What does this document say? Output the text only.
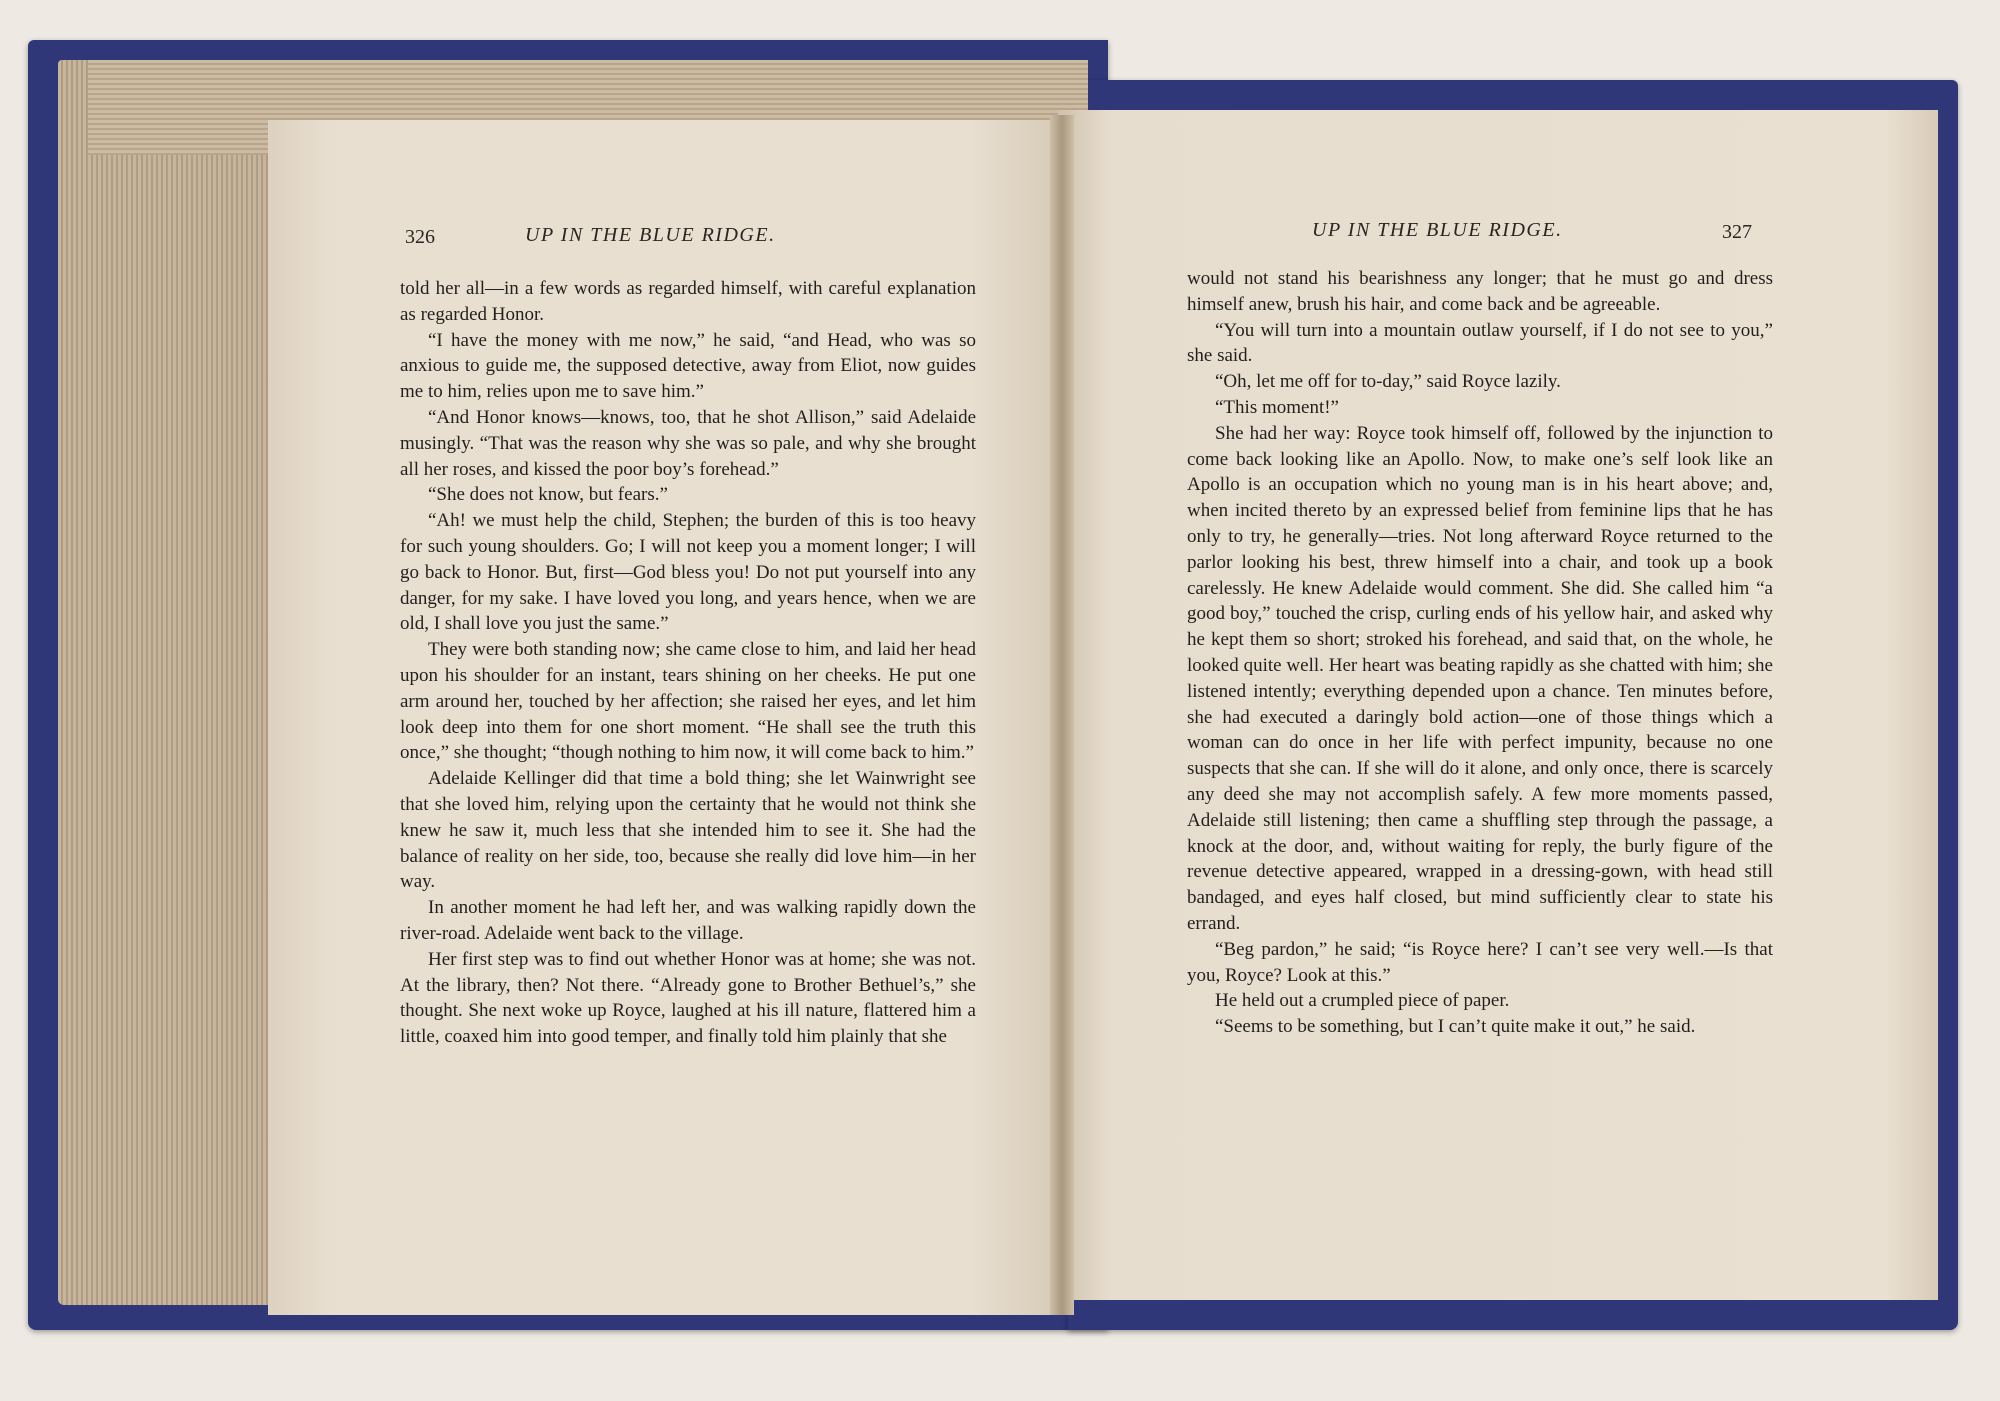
326	UP IN THE BLUE RIDGE.

told her all—in a few words as regarded himself, with careful explanation as regarded Honor.

“I have the money with me now,” he said, “and Head, who was so anxious to guide me, the supposed detective, away from Eliot, now guides me to him, relies upon me to save him.”

“And Honor knows—knows, too, that he shot Allison,” said Adelaide musingly. “That was the reason why she was so pale, and why she brought all her roses, and kissed the poor boy’s forehead.”

“She does not know, but fears.”

“Ah! we must help the child, Stephen; the burden of this is too heavy for such young shoulders. Go; I will not keep you a moment longer; I will go back to Honor. But, first—God bless you! Do not put yourself into any danger, for my sake. I have loved you long, and years hence, when we are old, I shall love you just the same.”

They were both standing now; she came close to him, and laid her head upon his shoulder for an instant, tears shining on her cheeks. He put one arm around her, touched by her affection; she raised her eyes, and let him look deep into them for one short moment. “He shall see the truth this once,” she thought; “though nothing to him now, it will come back to him.”

Adelaide Kellinger did that time a bold thing; she let Wainwright see that she loved him, relying upon the certainty that he would not think she knew he saw it, much less that she intended him to see it. She had the balance of reality on her side, too, because she really did love him—in her way.

In another moment he had left her, and was walking rapidly down the river-road. Adelaide went back to the village.

Her first step was to find out whether Honor was at home; she was not. At the library, then? Not there. “Already gone to Brother Bethuel’s,” she thought. She next woke up Royce, laughed at his ill nature, flattered him a little, coaxed him into good temper, and finally told him plainly that she

UP IN THE BLUE RIDGE.	327

would not stand his bearishness any longer; that he must go and dress himself anew, brush his hair, and come back and be agreeable.

“You will turn into a mountain outlaw yourself, if I do not see to you,” she said.

“Oh, let me off for to-day,” said Royce lazily.

“This moment!”

She had her way: Royce took himself off, followed by the injunction to come back looking like an Apollo. Now, to make one’s self look like an Apollo is an occupation which no young man is in his heart above; and, when incited thereto by an expressed belief from feminine lips that he has only to try, he generally—tries. Not long afterward Royce returned to the parlor looking his best, threw himself into a chair, and took up a book carelessly. He knew Adelaide would comment. She did. She called him “a good boy,” touched the crisp, curling ends of his yellow hair, and asked why he kept them so short; stroked his forehead, and said that, on the whole, he looked quite well. Her heart was beating rapidly as she chatted with him; she listened intently; everything depended upon a chance. Ten minutes before, she had executed a daringly bold action—one of those things which a woman can do once in her life with perfect impunity, because no one suspects that she can. If she will do it alone, and only once, there is scarcely any deed she may not accomplish safely. A few more moments passed, Adelaide still listening; then came a shuffling step through the passage, a knock at the door, and, without waiting for reply, the burly figure of the revenue detective appeared, wrapped in a dressing-gown, with head still bandaged, and eyes half closed, but mind sufficiently clear to state his errand.

“Beg pardon,” he said; “is Royce here? I can’t see very well.—Is that you, Royce? Look at this.”

He held out a crumpled piece of paper.

“Seems to be something, but I can’t quite make it out,” he said.
